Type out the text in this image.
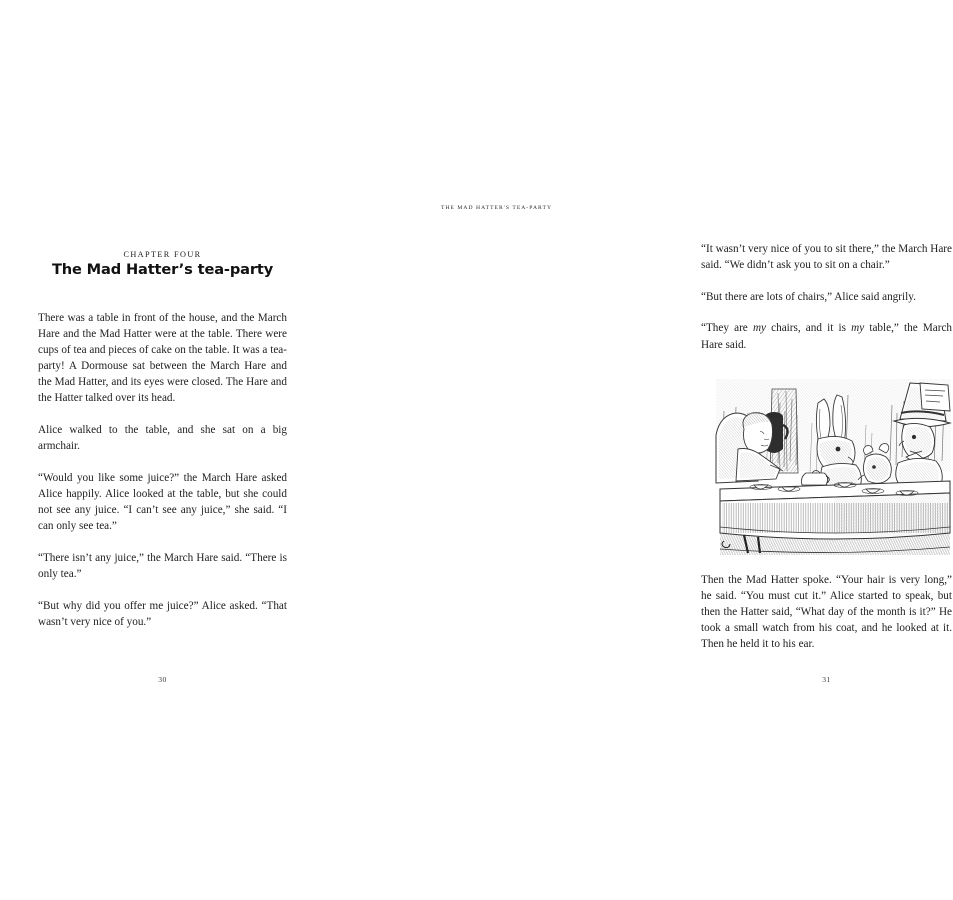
CHAPTER FOUR
The Mad Hatter’s tea-party

There was a table in front of the house, and the March Hare and the Mad Hatter were at the table. There were cups of tea and pieces of cake on the table. It was a tea-party! A Dormouse sat between the March Hare and the Mad Hatter, and its eyes were closed. The Hare and the Hatter talked over its head.

Alice walked to the table, and she sat on a big armchair.

“Would you like some juice?” the March Hare asked Alice happily. Alice looked at the table, but she could not see any juice. “I can’t see any juice,” she said. “I can only see tea.”

“There isn’t any juice,” the March Hare said. “There is only tea.”

“But why did you offer me juice?” Alice asked. “That wasn’t very nice of you.”

30
THE MAD HATTER'S TEA-PARTY

“It wasn’t very nice of you to sit there,” the March Hare said. “We didn’t ask you to sit on a chair.”

“But there are lots of chairs,” Alice said angrily.

“They are my chairs, and it is my table,” the March Hare said.

Then the Mad Hatter spoke. “Your hair is very long,” he said. “You must cut it.” Alice started to speak, but then the Hatter said, “What day of the month is it?” He took a small watch from his coat, and he looked at it. Then he held it to his ear.

31
